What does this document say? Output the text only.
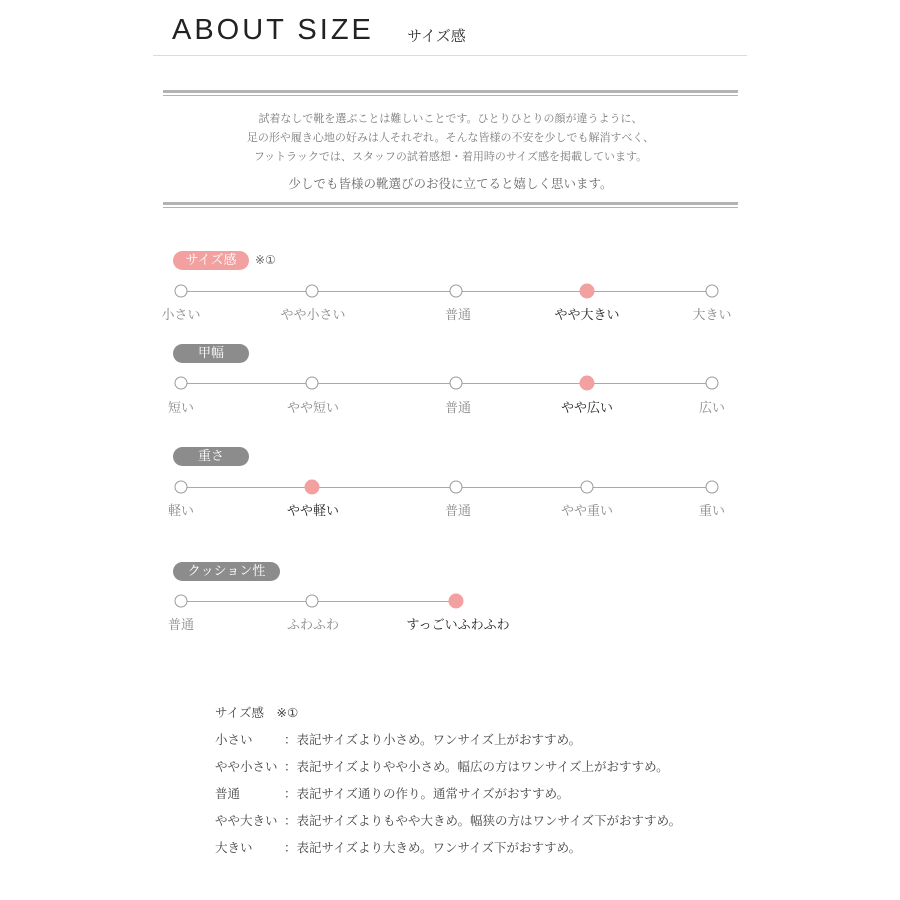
ABOUT SIZE サイズ感
試着なしで靴を選ぶことは難しいことです。ひとりひとりの顔が違うように、
足の形や履き心地の好みは人それぞれ。そんな皆様の不安を少しでも解消すべく、
フットラックでは、スタッフの試着感想・着用時のサイズ感を掲載しています。
少しでも皆様の靴選びのお役に立てると嬉しく思います。
サイズ感	※①
小さい	やや小さい	普通	やや大きい	大きい
甲幅
短い	やや短い	普通	やや広い	広い
重さ
軽い	やや軽い	普通	やや重い	重い
クッション性
普通	ふわふわ	すっごいふわふわ
サイズ感　※①
小さい	：表記サイズより小さめ。ワンサイズ上がおすすめ。
やや小さい ：表記サイズよりやや小さめ。幅広の方はワンサイズ上がおすすめ。
普通	：表記サイズ通りの作り。通常サイズがおすすめ。
やや大きい ：表記サイズよりもやや大きめ。幅狭の方はワンサイズ下がおすすめ。
大きい	：表記サイズより大きめ。ワンサイズ下がおすすめ。
